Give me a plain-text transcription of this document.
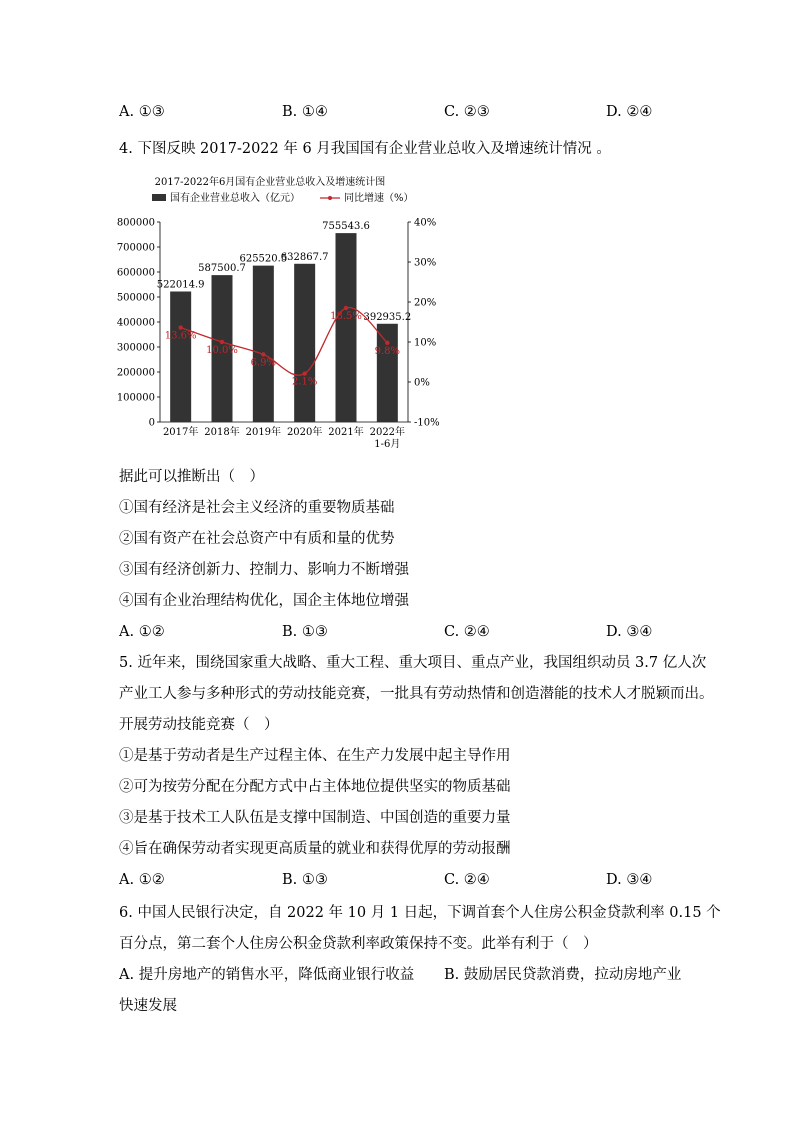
A. ①③	B. ①④	C. ②③	D. ②④
4. 下图反映 2017-2022 年 6 月我国国有企业营业总收入及增速统计情况 。
2017-2022年6月国有企业营业总收入及增速统计图
国有企业营业总收入（亿元）	同比增速（%）
0
100000
200000
300000
400000
500000
600000
700000
800000
-10%
0%
10%
20%
30%
40%
522014.9
587500.7
625520.5
632867.7
755543.6
392935.2
2017年 2018年 2019年 2020年 2021年 2022年
1-6月
13.6%
10.0%
6.9%
2.1%
18.5%
9.8%
据此可以推断出（　）
①国有经济是社会主义经济的重要物质基础
②国有资产在社会总资产中有质和量的优势
③国有经济创新力、控制力、影响力不断增强
④国有企业治理结构优化，国企主体地位增强
A. ①②	B. ①③	C. ②④	D. ③④
5. 近年来，围绕国家重大战略、重大工程、重大项目、重点产业，我国组织动员 3.7 亿人次
产业工人参与多种形式的劳动技能竞赛，一批具有劳动热情和创造潜能的技术人才脱颖而出。
开展劳动技能竞赛（　）
①是基于劳动者是生产过程主体、在生产力发展中起主导作用
②可为按劳分配在分配方式中占主体地位提供坚实的物质基础
③是基于技术工人队伍是支撑中国制造、中国创造的重要力量
④旨在确保劳动者实现更高质量的就业和获得优厚的劳动报酬
A. ①②	B. ①③	C. ②④	D. ③④
6. 中国人民银行决定，自 2022 年 10 月 1 日起，下调首套个人住房公积金贷款利率 0.15 个
百分点，第二套个人住房公积金贷款利率政策保持不变。此举有利于（　）
A. 提升房地产的销售水平，降低商业银行收益 B. 鼓励居民贷款消费，拉动房地产业
快速发展
